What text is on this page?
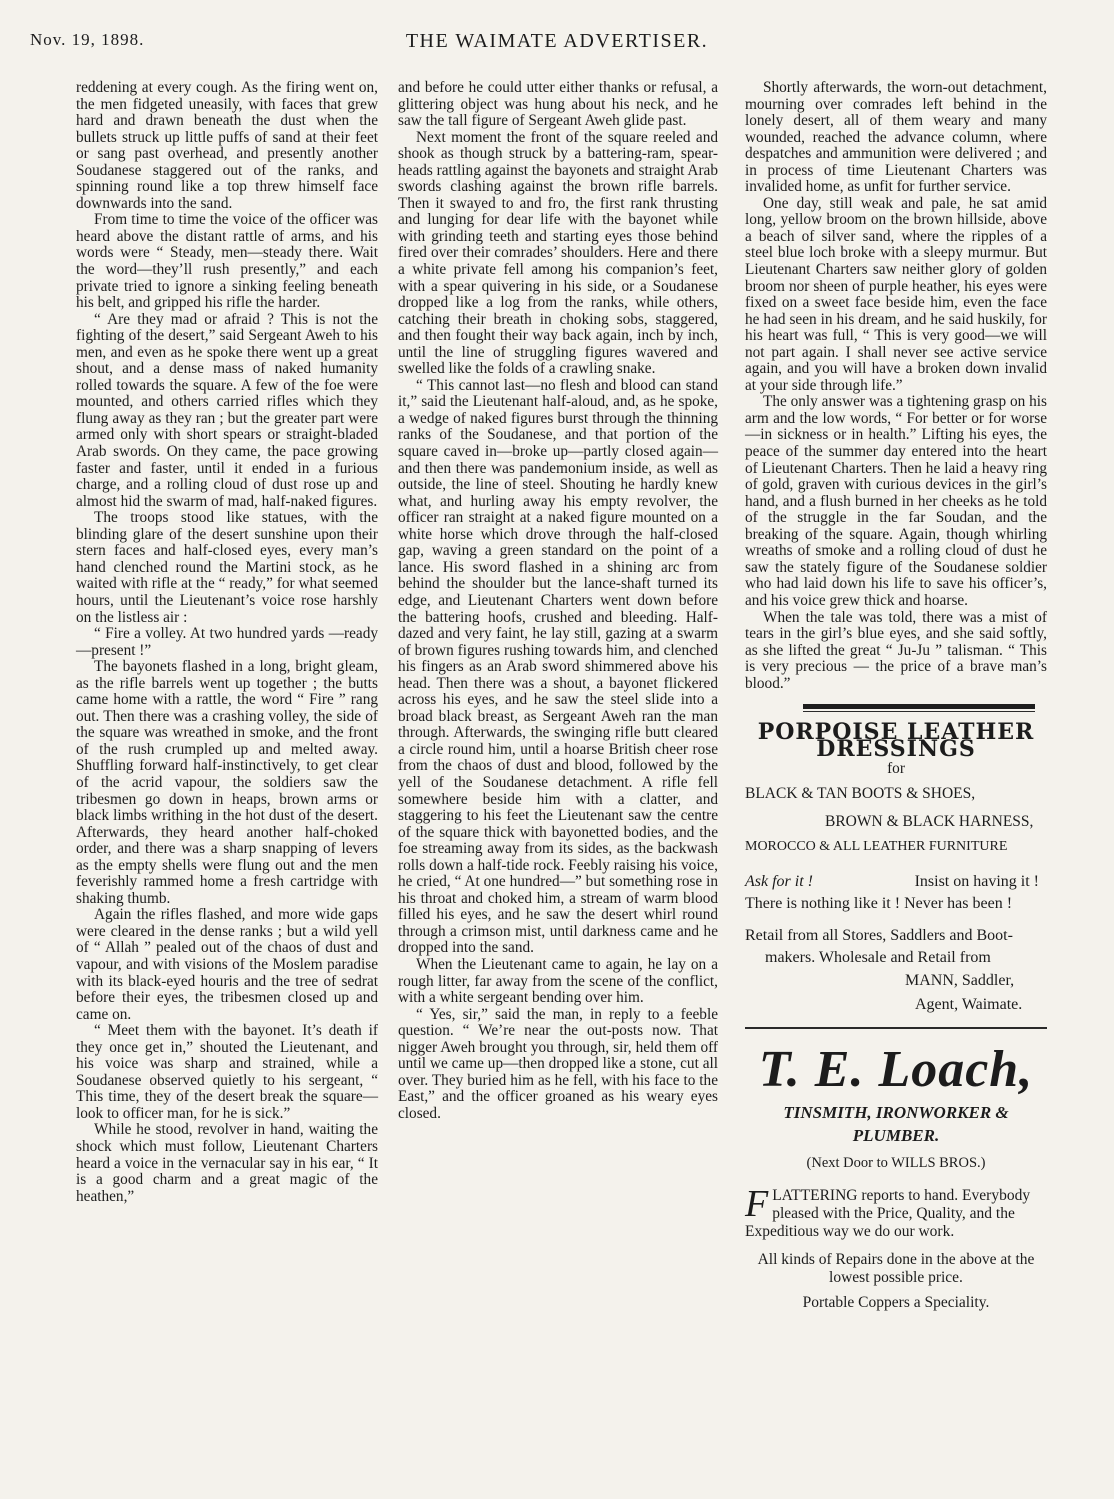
Nov. 19, 1898.	THE WAIMATE ADVERTISER.

reddening at every cough. As the firing went on, the men fidgeted uneasily, with faces that grew hard and drawn beneath the dust when the bullets struck up little puffs of sand at their feet or sang past overhead, and presently another Soudanese staggered out of the ranks, and spinning round like a top threw himself face downwards into the sand.

From time to time the voice of the officer was heard above the distant rattle of arms, and his words were “ Steady, men—steady there. Wait the word—they’ll rush presently,” and each private tried to ignore a sinking feeling beneath his belt, and gripped his rifle the harder.

“ Are they mad or afraid ? This is not the fighting of the desert,” said Sergeant Aweh to his men, and even as he spoke there went up a great shout, and a dense mass of naked humanity rolled towards the square. A few of the foe were mounted, and others carried rifles which they flung away as they ran ; but the greater part were armed only with short spears or straight-bladed Arab swords. On they came, the pace growing faster and faster, until it ended in a furious charge, and a rolling cloud of dust rose up and almost hid the swarm of mad, half-naked figures.

The troops stood like statues, with the blinding glare of the desert sunshine upon their stern faces and half-closed eyes, every man’s hand clenched round the Martini stock, as he waited with rifle at the “ ready,” for what seemed hours, until the Lieutenant’s voice rose harshly on the listless air :

“ Fire a volley. At two hundred yards —ready—present !”

The bayonets flashed in a long, bright gleam, as the rifle barrels went up together ; the butts came home with a rattle, the word “ Fire ” rang out. Then there was a crashing volley, the side of the square was wreathed in smoke, and the front of the rush crumpled up and melted away. Shuffling forward half-instinctively, to get clear of the acrid vapour, the soldiers saw the tribesmen go down in heaps, brown arms or black limbs writhing in the hot dust of the desert. Afterwards, they heard another half-choked order, and there was a sharp snapping of levers as the empty shells were flung out and the men feverishly rammed home a fresh cartridge with shaking thumb.

Again the rifles flashed, and more wide gaps were cleared in the dense ranks ; but a wild yell of “ Allah ” pealed out of the chaos of dust and vapour, and with visions of the Moslem paradise with its black-eyed houris and the tree of sedrat before their eyes, the tribesmen closed up and came on.

“ Meet them with the bayonet. It’s death if they once get in,” shouted the Lieutenant, and his voice was sharp and strained, while a Soudanese observed quietly to his sergeant, “ This time, they of the desert break the square—look to officer man, for he is sick.”

While he stood, revolver in hand, waiting the shock which must follow, Lieutenant Charters heard a voice in the vernacular say in his ear, “ It is a good charm and a great magic of the heathen,”

and before he could utter either thanks or refusal, a glittering object was hung about his neck, and he saw the tall figure of Sergeant Aweh glide past.

Next moment the front of the square reeled and shook as though struck by a battering-ram, spear-heads rattling against the bayonets and straight Arab swords clashing against the brown rifle barrels. Then it swayed to and fro, the first rank thrusting and lunging for dear life with the bayonet while with grinding teeth and starting eyes those behind fired over their comrades’ shoulders. Here and there a white private fell among his companion’s feet, with a spear quivering in his side, or a Soudanese dropped like a log from the ranks, while others, catching their breath in choking sobs, staggered, and then fought their way back again, inch by inch, until the line of struggling figures wavered and swelled like the folds of a crawling snake.

“ This cannot last—no flesh and blood can stand it,” said the Lieutenant half-aloud, and, as he spoke, a wedge of naked figures burst through the thinning ranks of the Soudanese, and that portion of the square caved in—broke up—partly closed again—and then there was pandemonium inside, as well as outside, the line of steel. Shouting he hardly knew what, and hurling away his empty revolver, the officer ran straight at a naked figure mounted on a white horse which drove through the half-closed gap, waving a green standard on the point of a lance. His sword flashed in a shining arc from behind the shoulder but the lance-shaft turned its edge, and Lieutenant Charters went down before the battering hoofs, crushed and bleeding. Half-dazed and very faint, he lay still, gazing at a swarm of brown figures rushing towards him, and clenched his fingers as an Arab sword shimmered above his head. Then there was a shout, a bayonet flickered across his eyes, and he saw the steel slide into a broad black breast, as Sergeant Aweh ran the man through. Afterwards, the swinging rifle butt cleared a circle round him, until a hoarse British cheer rose from the chaos of dust and blood, followed by the yell of the Soudanese detachment. A rifle fell somewhere beside him with a clatter, and staggering to his feet the Lieutenant saw the centre of the square thick with bayonetted bodies, and the foe streaming away from its sides, as the backwash rolls down a half-tide rock. Feebly raising his voice, he cried, “ At one hundred—” but something rose in his throat and choked him, a stream of warm blood filled his eyes, and he saw the desert whirl round through a crimson mist, until darkness came and he dropped into the sand.

When the Lieutenant came to again, he lay on a rough litter, far away from the scene of the conflict, with a white sergeant bending over him.

“ Yes, sir,” said the man, in reply to a feeble question. “ We’re near the out-posts now. That nigger Aweh brought you through, sir, held them off until we came up—then dropped like a stone, cut all over. They buried him as he fell, with his face to the East,” and the officer groaned as his weary eyes closed.

Shortly afterwards, the worn-out detachment, mourning over comrades left behind in the lonely desert, all of them weary and many wounded, reached the advance column, where despatches and ammunition were delivered ; and in process of time Lieutenant Charters was invalided home, as unfit for further service.

One day, still weak and pale, he sat amid long, yellow broom on the brown hillside, above a beach of silver sand, where the ripples of a steel blue loch broke with a sleepy murmur. But Lieutenant Charters saw neither glory of golden broom nor sheen of purple heather, his eyes were fixed on a sweet face beside him, even the face he had seen in his dream, and he said huskily, for his heart was full, “ This is very good—we will not part again. I shall never see active service again, and you will have a broken down invalid at your side through life.”

The only answer was a tightening grasp on his arm and the low words, “ For better or for worse—in sickness or in health.” Lifting his eyes, the peace of the summer day entered into the heart of Lieutenant Charters. Then he laid a heavy ring of gold, graven with curious devices in the girl’s hand, and a flush burned in her cheeks as he told of the struggle in the far Soudan, and the breaking of the square. Again, though whirling wreaths of smoke and a rolling cloud of dust he saw the stately figure of the Soudanese soldier who had laid down his life to save his officer’s, and his voice grew thick and hoarse.

When the tale was told, there was a mist of tears in the girl’s blue eyes, and she said softly, as she lifted the great “ Ju-Ju ” talisman. “ This is very precious — the price of a brave man’s blood.”

PORPOISE LEATHER DRESSINGS
for
BLACK & TAN BOOTS & SHOES,
BROWN & BLACK HARNESS,
MOROCCO & ALL LEATHER FURNITURE
Ask for it !	Insist on having it !
There is nothing like it ! Never has been !
Retail from all Stores, Saddlers and Boot-
makers. Wholesale and Retail from
MANN, Saddler,
Agent, Waimate.
T. E. Loach,
TINSMITH, IRONWORKER &
PLUMBER.
(Next Door to WILLS BROS.)
F LATTERING reports to hand. Everybody pleased with the Price, Quality, and the Expeditious way we do our work.
All kinds of Repairs done in the above at the lowest possible price.
Portable Coppers a Speciality.
